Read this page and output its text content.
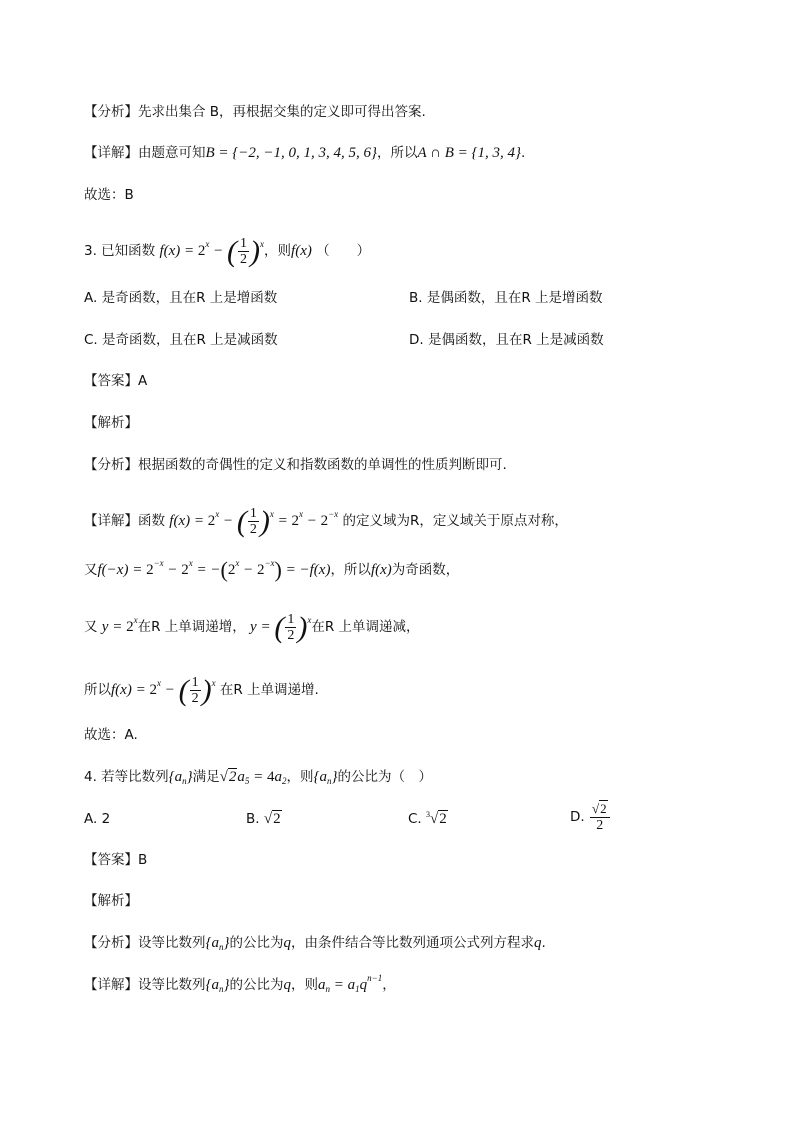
【分析】先求出集合 B，再根据交集的定义即可得出答案.
【详解】由题意可知B = {−2, −1, 0, 1, 3, 4, 5, 6}，所以A ∩ B = {1, 3, 4}.
故选：B
3. 已知函数 $f(x) = 2^x$ − ( $\frac{1}{2} )^x$，则f(x) （　　）
A. 是奇函数，且在R 上是增函数	B. 是偶函数，且在R 上是增函数
C. 是奇函数，且在R 上是减函数	D. 是偶函数，且在R 上是减函数
【答案】A
【解析】
【分析】根据函数的奇偶性的定义和指数函数的单调性的性质判断即可.
【详解】函数 $f(x) = 2^x$ − ( $\frac{1}{2} )^x = 2^x - 2^{-x}$ 的定义域为R，定义域关于原点对称，
又$f(-x) = 2^{-x} - 2^x = -(2^x - 2^{-x}) = -f(x)$，所以f(x)为奇函数，
又 $y = 2^x$在R 上单调递增， y = ( $\frac{1}{2} )^x$在R 上单调递减，
所以$f(x) = 2^x$ − ( $\frac{1}{2} )^x$ 在R 上单调递增.
故选：A.
4. 若等比数列$\{a_n\}$满足$√2a_5 = 4a_2$，则$\{a_n\}$的公比为（　）
A. 2	B. √2	C. $^3$√2	D. $\frac{√2}{2}$
【答案】B
【解析】
【分析】设等比数列$\{a_n\}$的公比为q，由条件结合等比数列通项公式列方程求q.
【详解】设等比数列$\{a_n\}$的公比为q，则$a_n = a_1q^{n-1}$，
